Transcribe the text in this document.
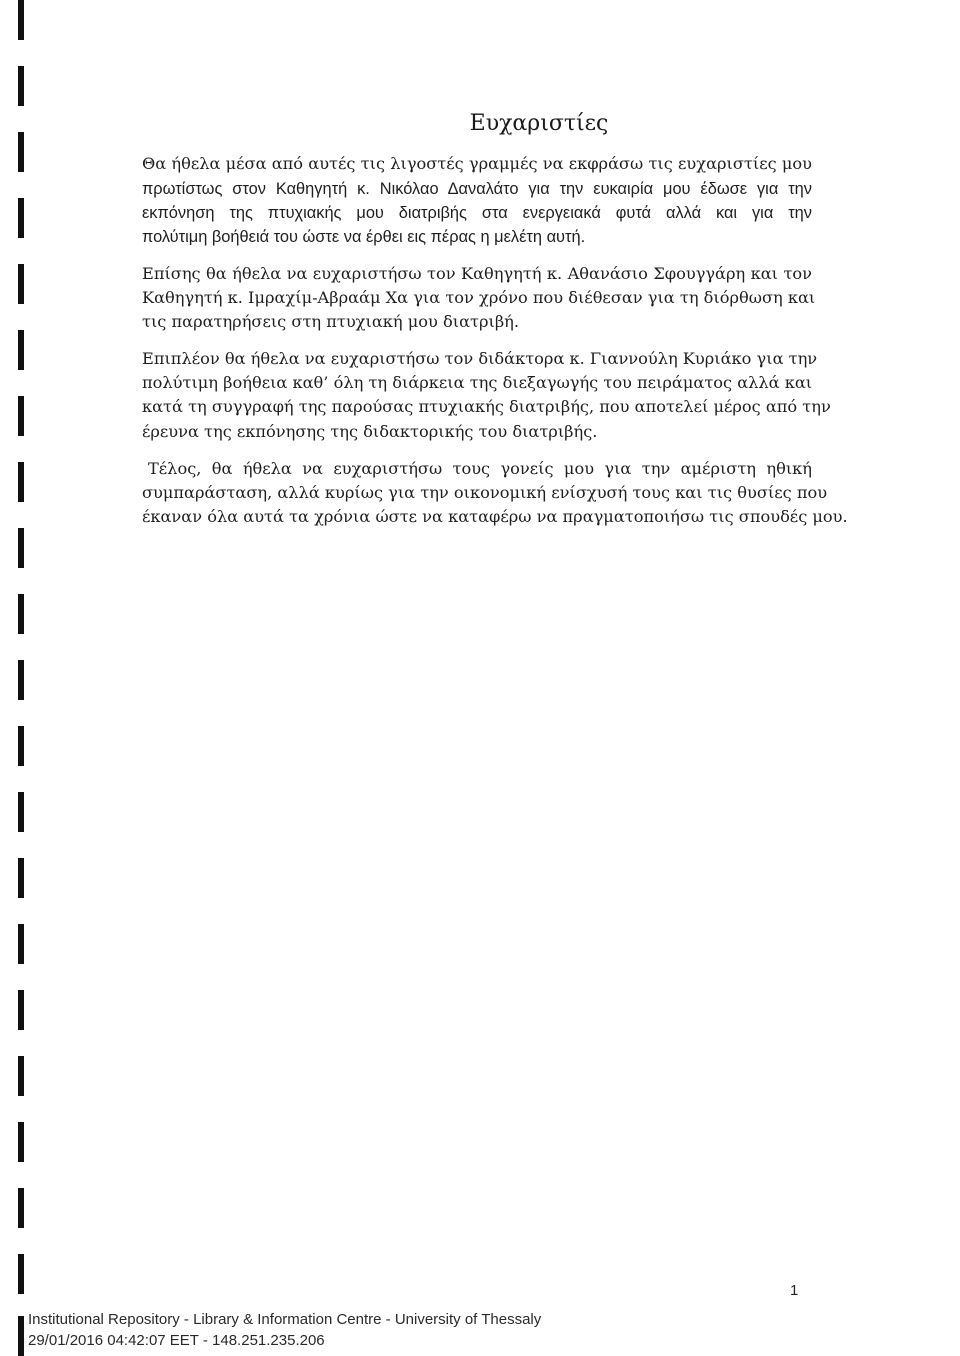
Ευχαριστίες
Θα ήθελα μέσα από αυτές τις λιγοστές γραμμές να εκφράσω τις ευχαριστίες μου
πρωτίστως στον Καθηγητή κ. Νικόλαο Δαναλάτο για την ευκαιρία μου έδωσε για την
εκπόνηση της πτυχιακής μου διατριβής στα ενεργειακά φυτά αλλά και για την
πολύτιμη βοήθειά του ώστε να έρθει εις πέρας η μελέτη αυτή.
Επίσης θα ήθελα να ευχαριστήσω τον Καθηγητή κ. Αθανάσιο Σφουγγάρη και τον
Καθηγητή κ. Ιμραχίμ-Αβραάμ Χα για τον χρόνο που διέθεσαν για τη διόρθωση και
τις παρατηρήσεις στη πτυχιακή μου διατριβή.
Επιπλέον θα ήθελα να ευχαριστήσω τον διδάκτορα κ. Γιαννούλη Κυριάκο για την
πολύτιμη βοήθεια καθ’ όλη τη διάρκεια της διεξαγωγής του πειράματος αλλά και
κατά τη συγγραφή της παρούσας πτυχιακής διατριβής, που αποτελεί μέρος από την
έρευνα της εκπόνησης της διδακτορικής του διατριβής.
Τέλος, θα ήθελα να ευχαριστήσω τους γονείς μου για την αμέριστη ηθική
συμπαράσταση, αλλά κυρίως για την οικονομική ενίσχυσή τους και τις θυσίες που
έκαναν όλα αυτά τα χρόνια ώστε να καταφέρω να πραγματοποιήσω τις σπουδές μου.
1
Institutional Repository - Library & Information Centre - University of Thessaly
29/01/2016 04:42:07 EET - 148.251.235.206
